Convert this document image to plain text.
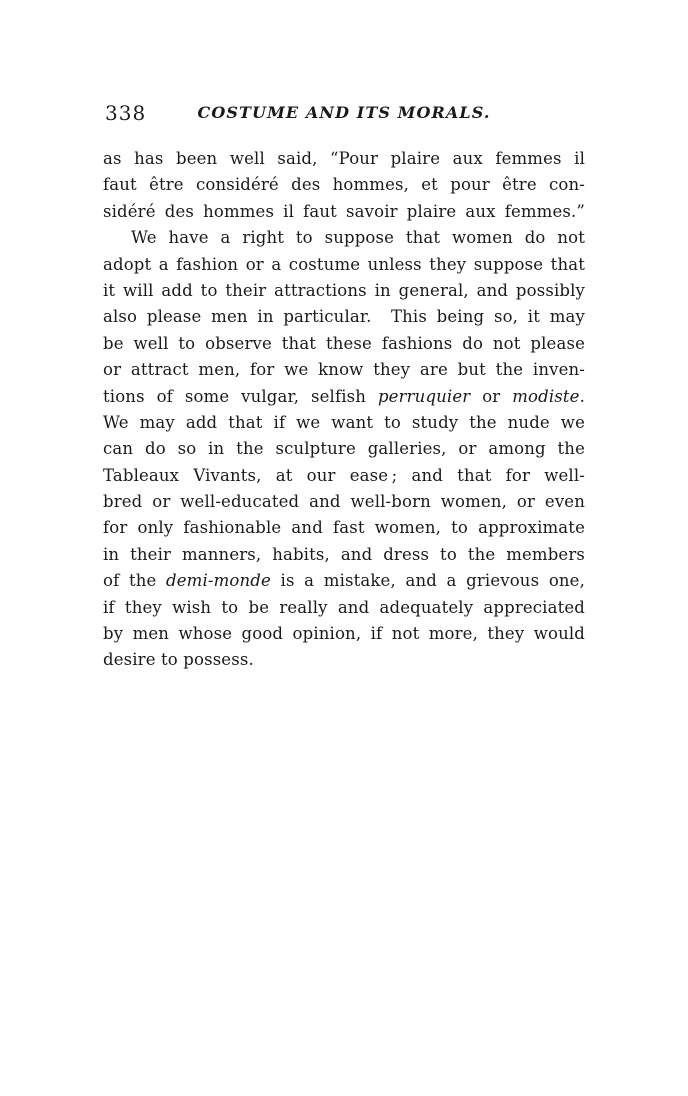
338	COSTUME AND ITS MORALS.
as has been well said, “Pour plaire aux femmes il
faut être considéré des hommes, et pour être con-
sidéré des hommes il faut savoir plaire aux femmes.”
We have a right to suppose that women do not
adopt a fashion or a costume unless they suppose that
it will add to their attractions in general, and possibly
also please men in particular.  This being so, it may
be well to observe that these fashions do not please
or attract men, for we know they are but the inven-
tions of some vulgar, selfish perruquier or modiste.
We may add that if we want to study the nude we
can do so in the sculpture galleries, or among the
Tableaux Vivants, at our ease ; and that for well-
bred or well-educated and well-born women, or even
for only fashionable and fast women, to approximate
in their manners, habits, and dress to the members
of the demi-monde is a mistake, and a grievous one,
if they wish to be really and adequately appreciated
by men whose good opinion, if not more, they would
desire to possess.
